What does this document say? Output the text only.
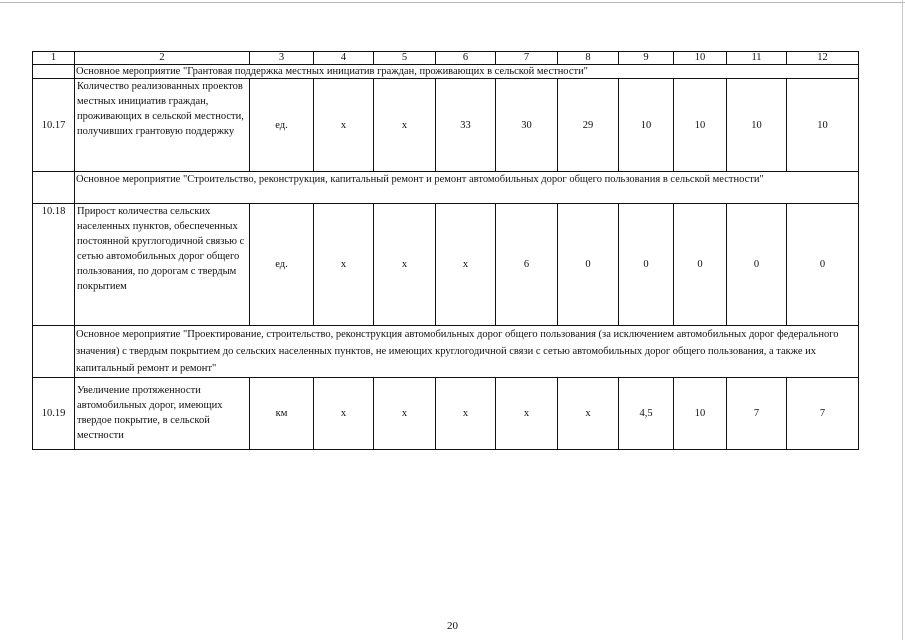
1	2	3	4	5	6	7	8	9	10	11	12
	Основное мероприятие "Грантовая поддержка местных инициатив граждан, проживающих в сельской местности"										
10.17	Количество реализованных проектов местных инициатив граждан, проживающих в сельской местности, получивших грантовую поддержку	ед.	x	x	33	30	29	10	10	10	10
	Основное мероприятие "Строительство, реконструкция, капитальный ремонт и ремонт автомобильных дорог общего пользования в сельской местности"										
10.18	Прирост количества сельских населенных пунктов, обеспеченных постоянной круглогодичной связью с сетью автомобильных дорог общего пользования, по дорогам с твердым покрытием	ед.	x	x	x	6	0	0	0	0	0
	Основное мероприятие "Проектирование, строительство, реконструкция автомобильных дорог общего пользования (за исключением автомобильных дорог федерального значения) с твердым покрытием до сельских населенных пунктов, не имеющих круглогодичной связи с сетью автомобильных дорог общего пользования, а также их капитальный ремонт и ремонт"										
10.19	Увеличение протяженности автомобильных дорог, имеющих твердое покрытие, в сельской местности	км	x	x	x	x	x	4,5	10	7	7
20
